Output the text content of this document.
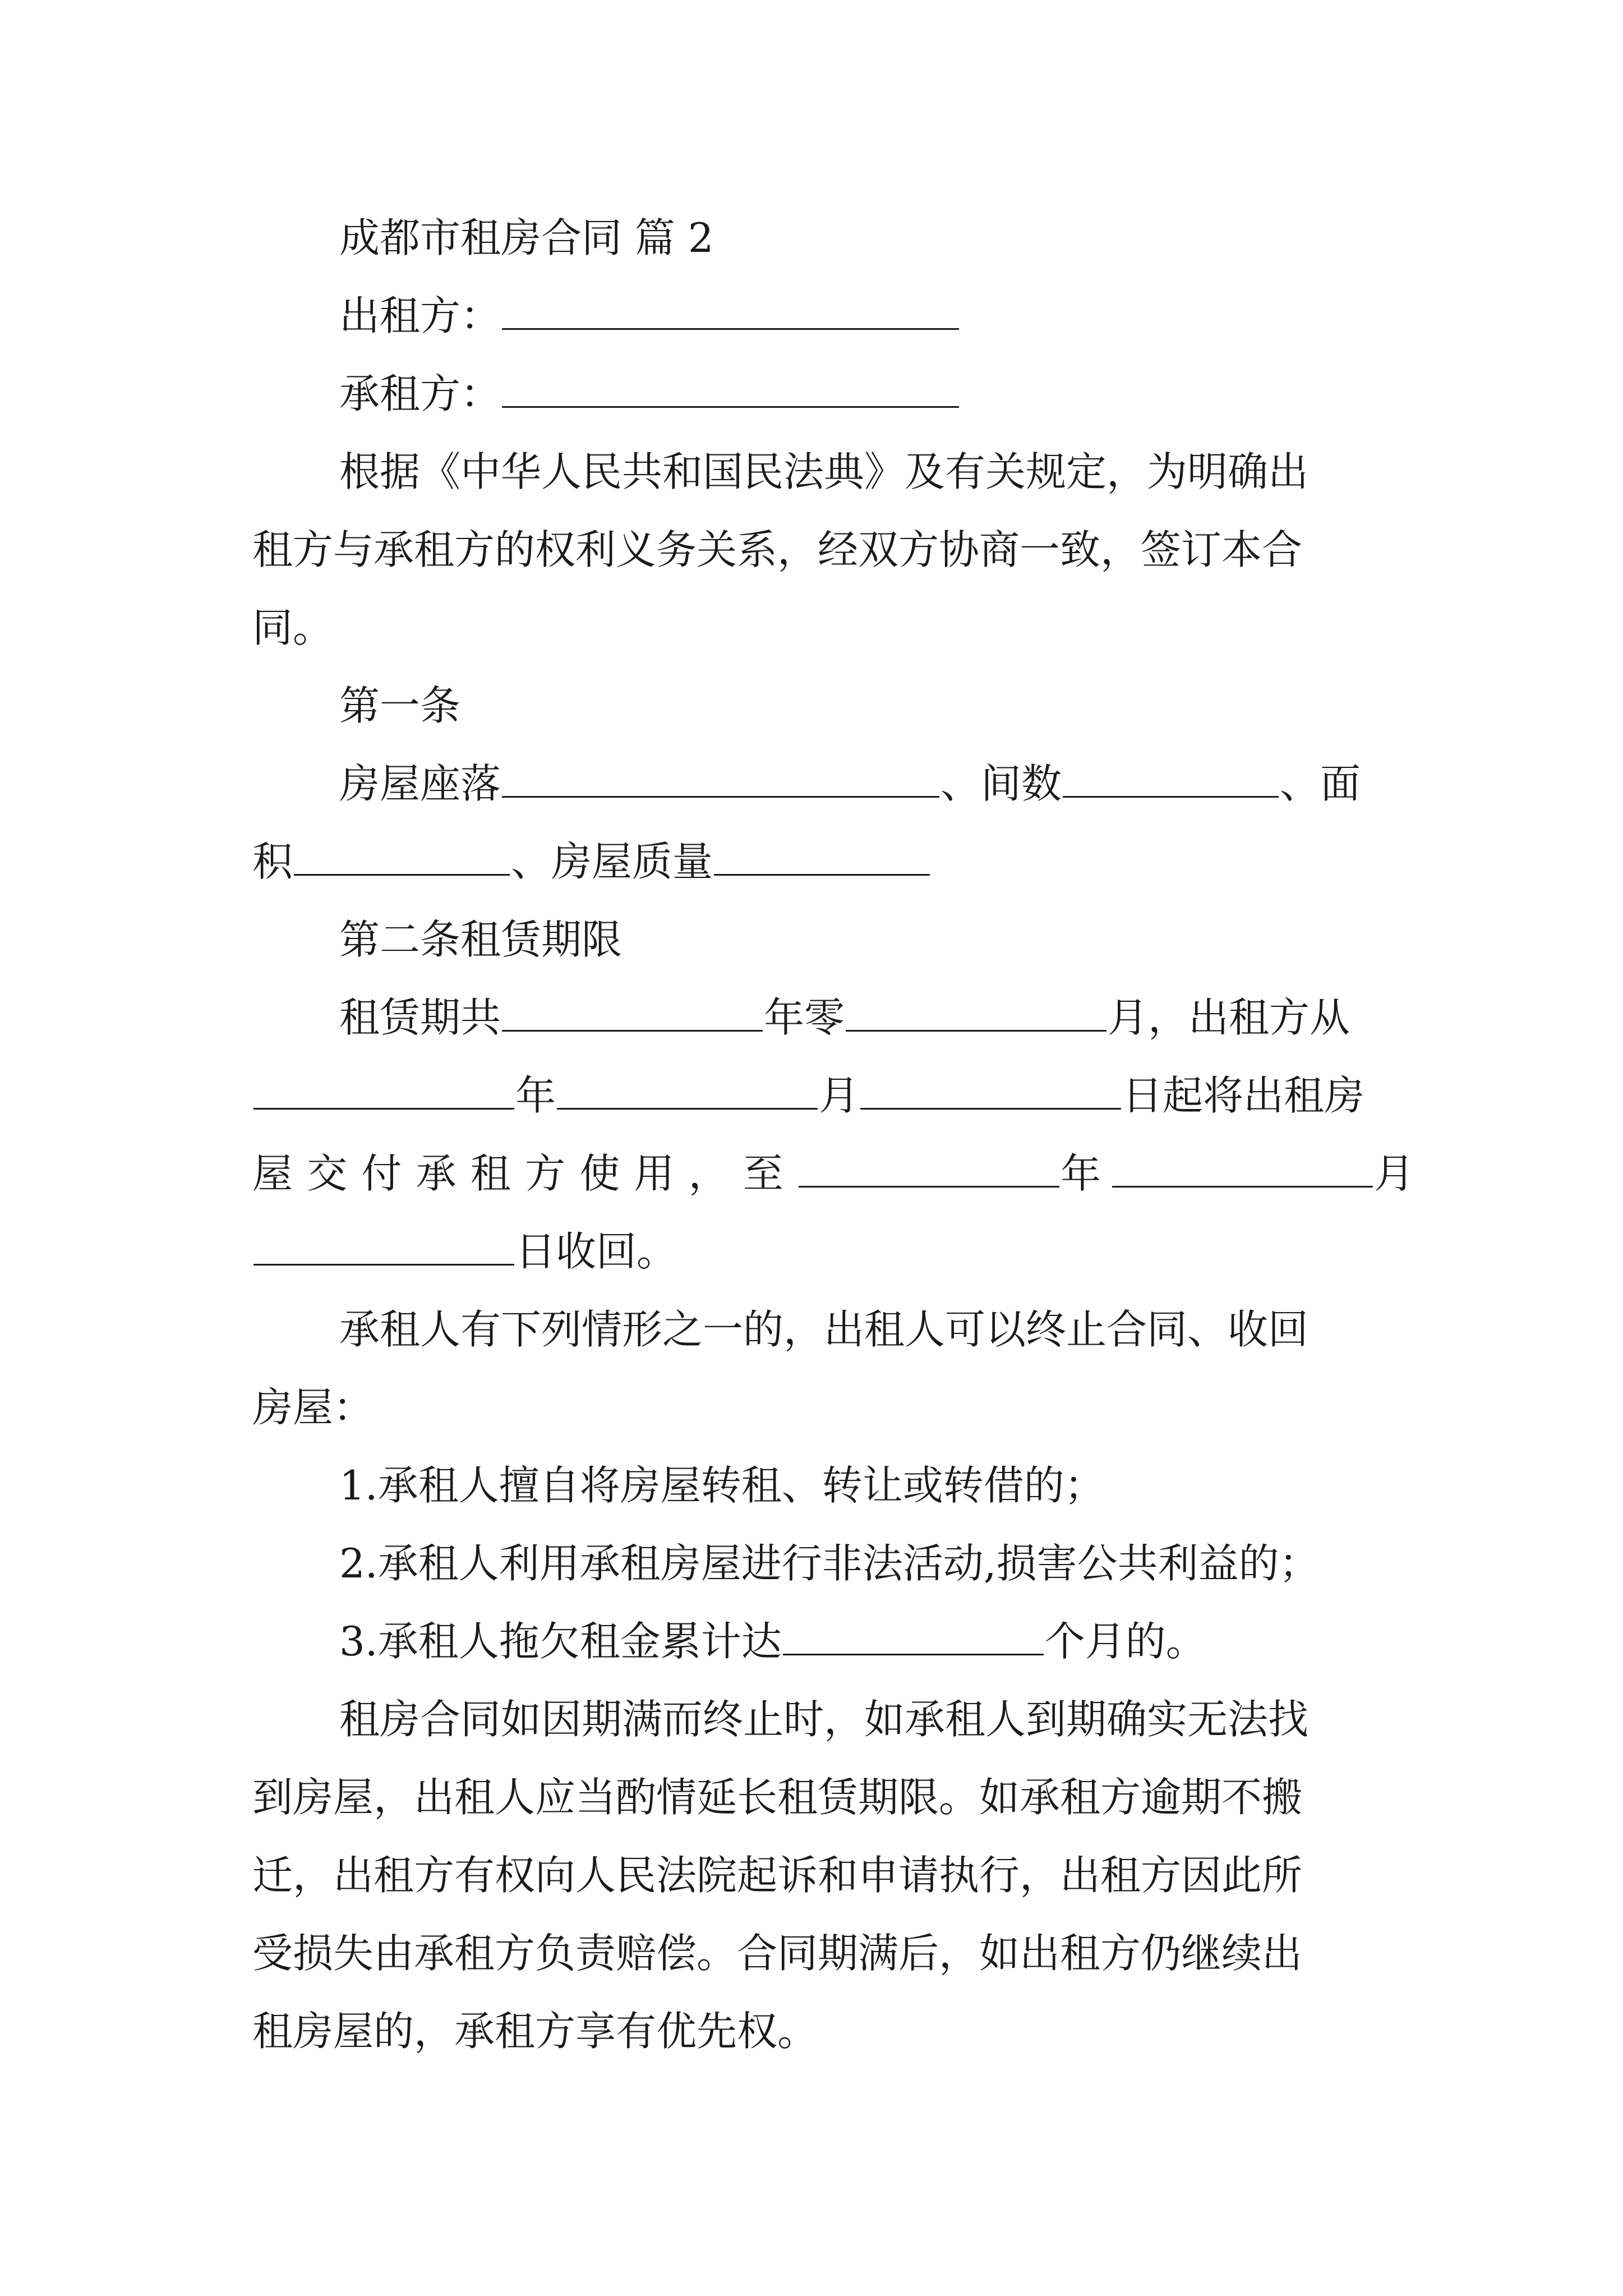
成都市租房合同 篇 2
出租方：
承租方：
根据《中华人民共和国民法典》及有关规定，为明确出
租方与承租方的权利义务关系，经双方协商一致，签订本合
同。
第一条
房屋座落	、间数	、面
积	、房屋质量
第二条租赁期限
租赁期共	年零	月，出租方从
年	月	日起将出租房
屋交付承租方使用，至	年	月
日收回。
承租人有下列情形之一的，出租人可以终止合同、收回
房屋：
1.承租人擅自将房屋转租、转让或转借的；
2.承租人利用承租房屋进行非法活动,损害公共利益的；
3.承租人拖欠租金累计达	个月的。
租房合同如因期满而终止时，如承租人到期确实无法找
到房屋，出租人应当酌情延长租赁期限。如承租方逾期不搬
迁，出租方有权向人民法院起诉和申请执行，出租方因此所
受损失由承租方负责赔偿。合同期满后，如出租方仍继续出
租房屋的，承租方享有优先权。
